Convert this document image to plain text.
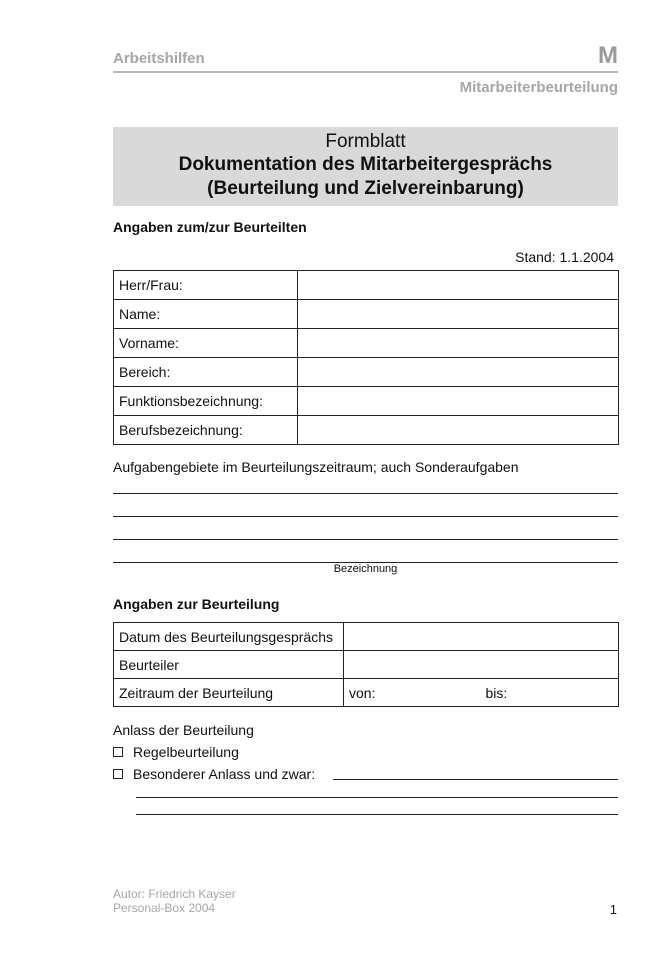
Arbeitshilfen	M
Mitarbeiterbeurteilung
Formblatt
Dokumentation des Mitarbeitergesprächs
(Beurteilung und Zielvereinbarung)
Angaben zum/zur Beurteilten
Stand: 1.1.2004
Herr/Frau:	
Name:	
Vorname:	
Bereich:	
Funktionsbezeichnung:	
Berufsbezeichnung:	
Aufgabengebiete im Beurteilungszeitraum; auch Sonderaufgaben
Bezeichnung
Angaben zur Beurteilung
Datum des Beurteilungsgesprächs	
Beurteiler	
Zeitraum der Beurteilung	von: bis:
Anlass der Beurteilung
Regelbeurteilung
Besonderer Anlass und zwar:
Autor: Friedrich Kayser
Personal-Box 2004	1
